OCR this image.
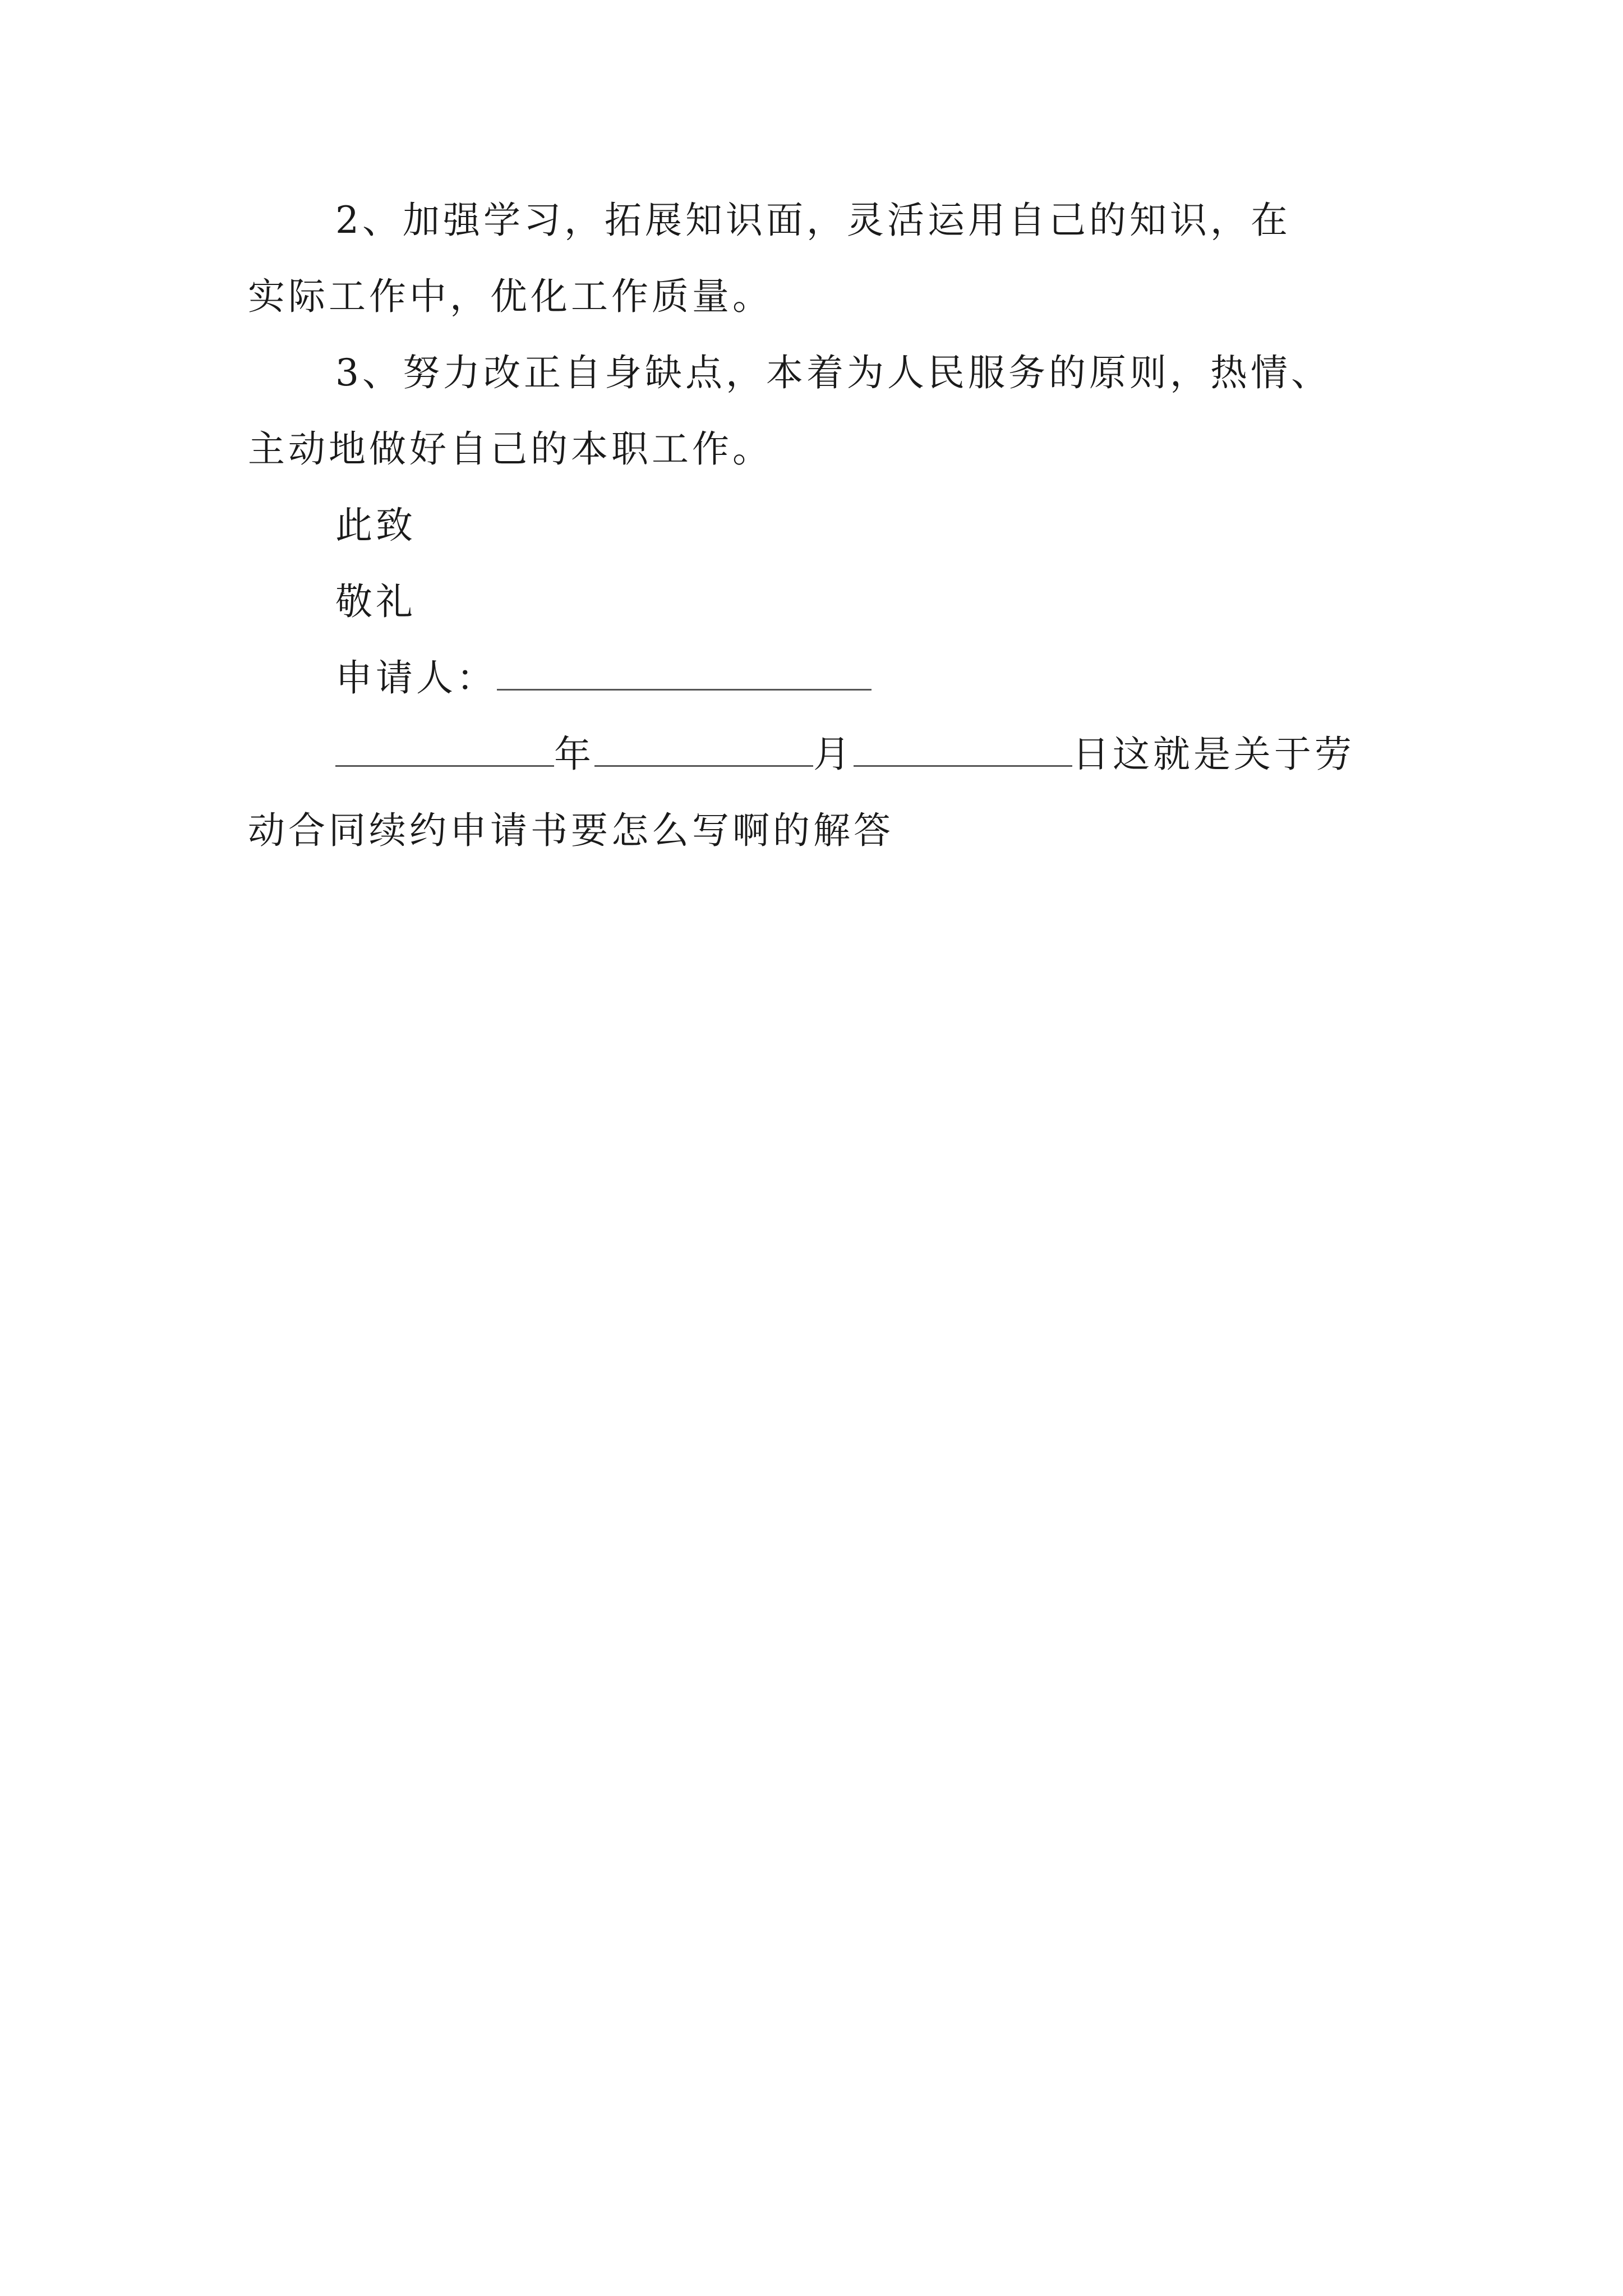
2、加强学习，拓展知识面，灵活运用自己的知识，在
实际工作中，优化工作质量。
3、努力改正自身缺点，本着为人民服务的原则，热情、
主动地做好自己的本职工作。
此致
敬礼
申请人：
年	月	日这就是关于劳
动合同续约申请书要怎么写啊的解答
